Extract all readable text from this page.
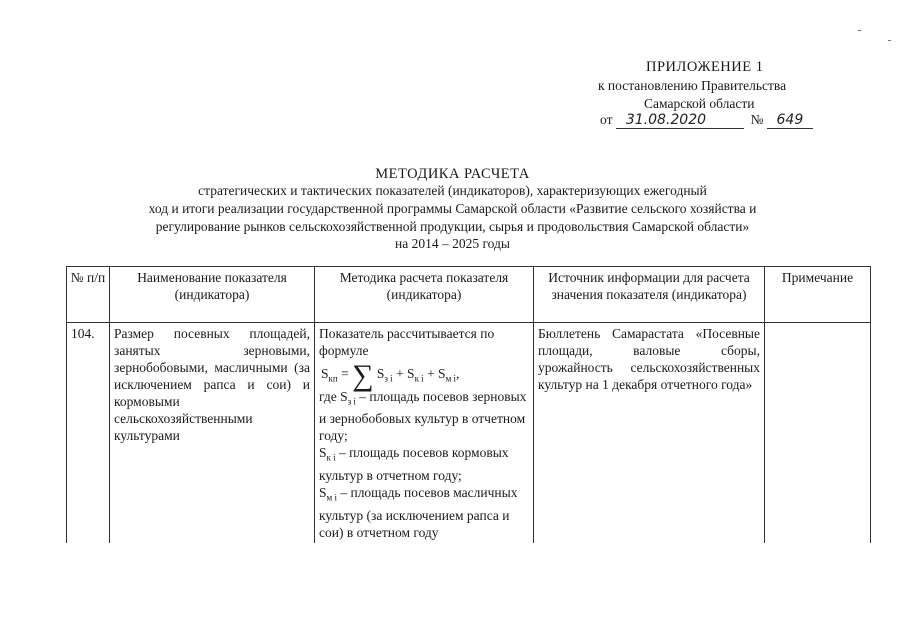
ПРИЛОЖЕНИЕ 1
к постановлению Правительства
Самарской области
от 31.08.2020	№ 649
МЕТОДИКА РАСЧЕТА
стратегических и тактических показателей (индикаторов), характеризующих ежегодный
ход и итоги реализации государственной программы Самарской области «Развитие сельского хозяйства и
регулирование рынков сельскохозяйственной продукции, сырья и продовольствия Самарской области»
на 2014 – 2025 годы
№ п/п	Наименование показателя (индикатора)	Методика расчета показателя (индикатора)	Источник информации для расчета значения показателя (индикатора)	Примечание
104.	Размер посевных площадей, занятых зерновыми, зернобобовыми, масличными (за исключением рапса и сои) и кормовыми сельскохозяйственными культурами	Показатель рассчитывается по формуле
$S_{кп}$ = ∑ $S_{з i} + S_{к i} + S_{м i}$,
где $S_{з i}$ – площадь посевов зерновых и зернобобовых культур в отчетном году;
$S_{к i}$ – площадь посевов кормовых культур в отчетном году;
$S_{м i}$ – площадь посевов масличных культур (за исключением рапса и сои) в отчетном году	Бюллетень Самарастата «Посевные площади, валовые сборы, урожайность сельскохозяйственных культур на 1 декабря отчетного года»	
